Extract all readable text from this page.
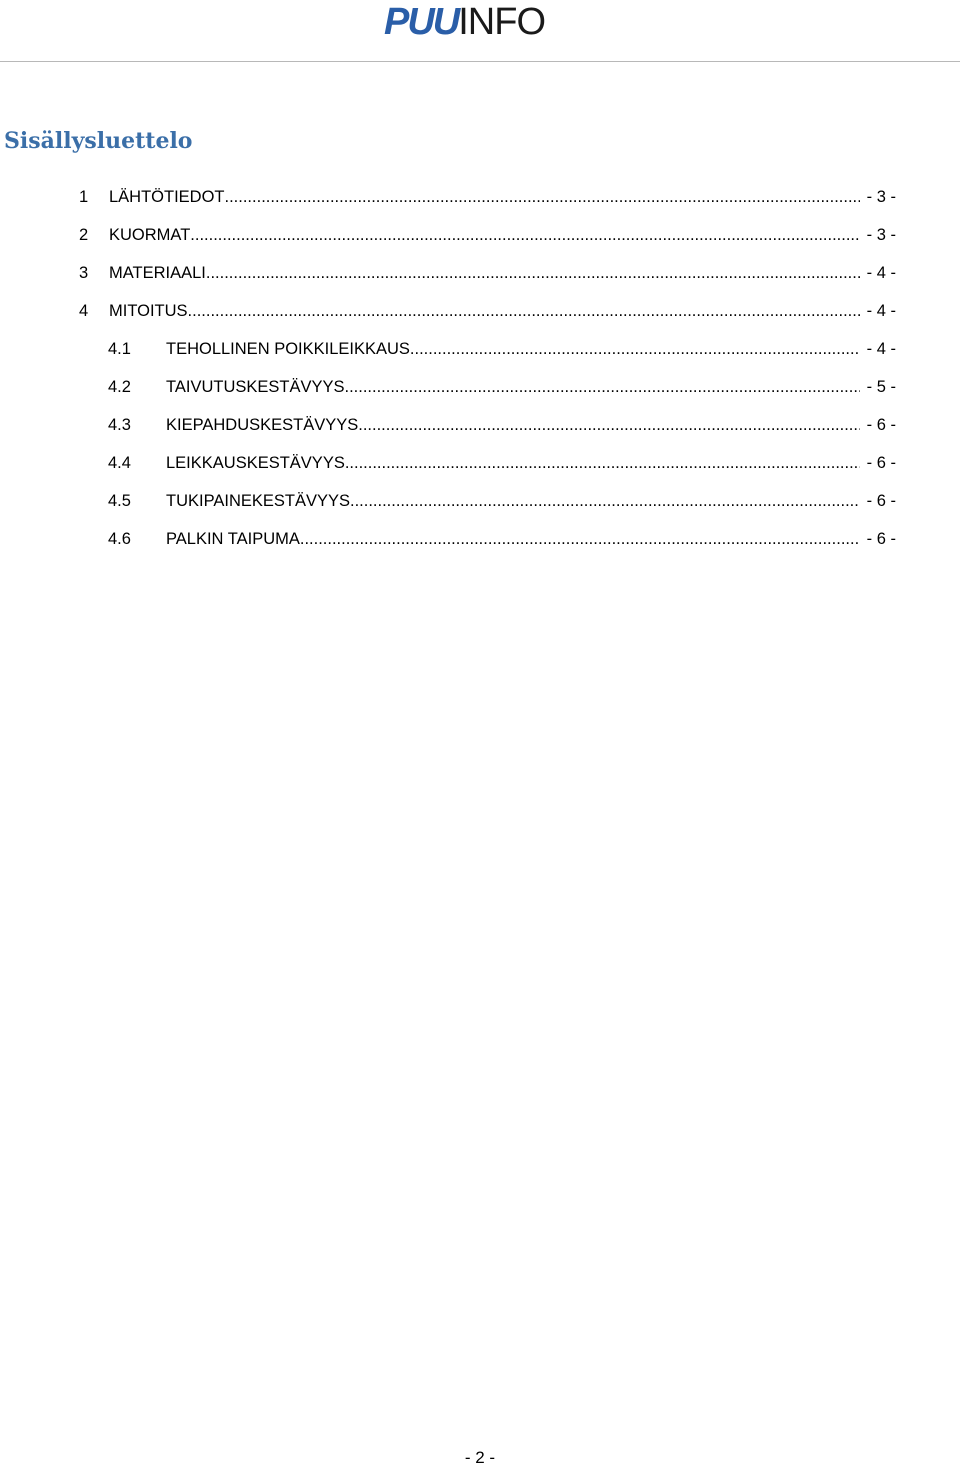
PUU INFO
Sisällysluettelo
1 LÄHTÖTIEDOT .....	- 3 -
2 KUORMAT .....	- 3 -
3 MATERIAALI .....	- 4 -
4 MITOITUS .....	- 4 -
4.1 TEHOLLINEN POIKKILEIKKAUS .....	- 4 -
4.2 TAIVUTUSKESTÄVYYS .....	- 5 -
4.3 KIEPAHDUSKESTÄVYYS .....	- 6 -
4.4 LEIKKAUSKESTÄVYYS .....	- 6 -
4.5 TUKIPAINEKESTÄVYYS .....	- 6 -
4.6 PALKIN TAIPUMA .....	- 6 -
- 2 -
